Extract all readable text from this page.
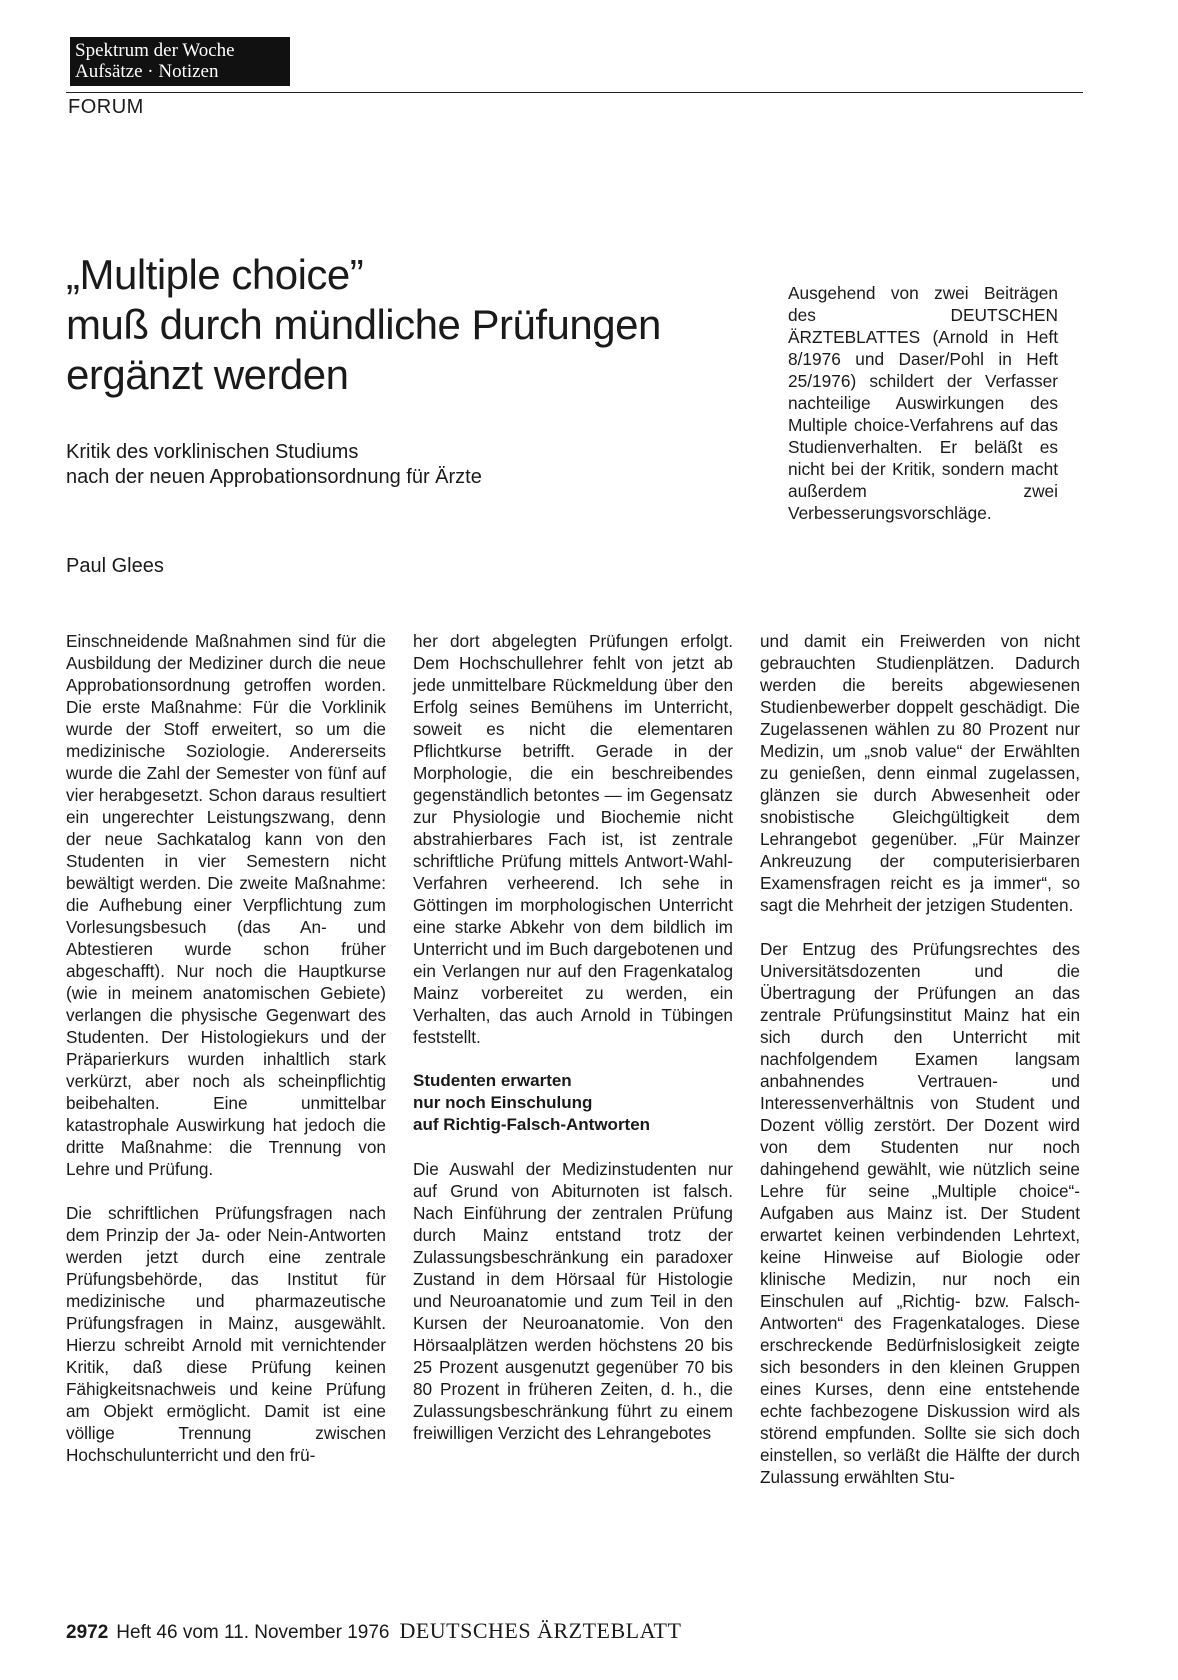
Spektrum der Woche
Aufsätze · Notizen
FORUM
„Multiple choice”
muß durch mündliche Prüfungen
ergänzt werden
Kritik des vorklinischen Studiums
nach der neuen Approbationsordnung für Ärzte
Paul Glees
Ausgehend von zwei Beiträgen des DEUTSCHEN ÄRZTEBLATTES (Arnold in Heft 8/1976 und Daser/Pohl in Heft 25/1976) schildert der Verfasser nachteilige Auswirkungen des Multiple choice-Verfahrens auf das Studienverhalten. Er beläßt es nicht bei der Kritik, sondern macht außerdem zwei Verbesserungsvorschläge.

Einschneidende Maßnahmen sind für die Ausbildung der Mediziner durch die neue Approbationsordnung getroffen worden. Die erste Maßnahme: Für die Vorklinik wurde der Stoff erweitert, so um die medizinische Soziologie. Andererseits wurde die Zahl der Semester von fünf auf vier herabgesetzt. Schon daraus resultiert ein ungerechter Leistungszwang, denn der neue Sachkatalog kann von den Studenten in vier Semestern nicht bewältigt werden. Die zweite Maßnahme: die Aufhebung einer Verpflichtung zum Vorlesungsbesuch (das An- und Abtestieren wurde schon früher abgeschafft). Nur noch die Hauptkurse (wie in meinem anatomischen Gebiete) verlangen die physische Gegenwart des Studenten. Der Histologiekurs und der Präparierkurs wurden inhaltlich stark verkürzt, aber noch als scheinpflichtig beibehalten. Eine unmittelbar katastrophale Auswirkung hat jedoch die dritte Maßnahme: die Trennung von Lehre und Prüfung.

Die schriftlichen Prüfungsfragen nach dem Prinzip der Ja- oder Nein-Antworten werden jetzt durch eine zentrale Prüfungsbehörde, das Institut für medizinische und pharmazeutische Prüfungsfragen in Mainz, ausgewählt. Hierzu schreibt Arnold mit vernichtender Kritik, daß diese Prüfung keinen Fähigkeitsnachweis und keine Prüfung am Objekt ermöglicht. Damit ist eine völlige Trennung zwischen Hochschulunterricht und den frü-

her dort abgelegten Prüfungen erfolgt. Dem Hochschullehrer fehlt von jetzt ab jede unmittelbare Rückmeldung über den Erfolg seines Bemühens im Unterricht, soweit es nicht die elementaren Pflichtkurse betrifft. Gerade in der Morphologie, die ein beschreibendes gegenständlich betontes — im Gegensatz zur Physiologie und Biochemie nicht abstrahierbares Fach ist, ist zentrale schriftliche Prüfung mittels Antwort-Wahl-Verfahren verheerend. Ich sehe in Göttingen im morphologischen Unterricht eine starke Abkehr von dem bildlich im Unterricht und im Buch dargebotenen und ein Verlangen nur auf den Fragenkatalog Mainz vorbereitet zu werden, ein Verhalten, das auch Arnold in Tübingen feststellt.

Studenten erwarten
nur noch Einschulung
auf Richtig-Falsch-Antworten

Die Auswahl der Medizinstudenten nur auf Grund von Abiturnoten ist falsch. Nach Einführung der zentralen Prüfung durch Mainz entstand trotz der Zulassungsbeschränkung ein paradoxer Zustand in dem Hörsaal für Histologie und Neuroanatomie und zum Teil in den Kursen der Neuroanatomie. Von den Hörsaalplätzen werden höchstens 20 bis 25 Prozent ausgenutzt gegenüber 70 bis 80 Prozent in früheren Zeiten, d. h., die Zulassungsbeschränkung führt zu einem freiwilligen Verzicht des Lehrangebotes

und damit ein Freiwerden von nicht gebrauchten Studienplätzen. Dadurch werden die bereits abgewiesenen Studienbewerber doppelt geschädigt. Die Zugelassenen wählen zu 80 Prozent nur Medizin, um „snob value“ der Erwählten zu genießen, denn einmal zugelassen, glänzen sie durch Abwesenheit oder snobistische Gleichgültigkeit dem Lehrangebot gegenüber. „Für Mainzer Ankreuzung der computerisierbaren Examensfragen reicht es ja immer“, so sagt die Mehrheit der jetzigen Studenten.

Der Entzug des Prüfungsrechtes des Universitätsdozenten und die Übertragung der Prüfungen an das zentrale Prüfungsinstitut Mainz hat ein sich durch den Unterricht mit nachfolgendem Examen langsam anbahnendes Vertrauen- und Interessenverhältnis von Student und Dozent völlig zerstört. Der Dozent wird von dem Studenten nur noch dahingehend gewählt, wie nützlich seine Lehre für seine „Multiple choice“-Aufgaben aus Mainz ist. Der Student erwartet keinen verbindenden Lehrtext, keine Hinweise auf Biologie oder klinische Medizin, nur noch ein Einschulen auf „Richtig- bzw. Falsch-Antworten“ des Fragenkataloges. Diese erschreckende Bedürfnislosigkeit zeigte sich besonders in den kleinen Gruppen eines Kurses, denn eine entstehende echte fachbezogene Diskussion wird als störend empfunden. Sollte sie sich doch einstellen, so verläßt die Hälfte der durch Zulassung erwählten Stu-

2972 Heft 46 vom 11. November 1976 DEUTSCHES ÄRZTEBLATT
